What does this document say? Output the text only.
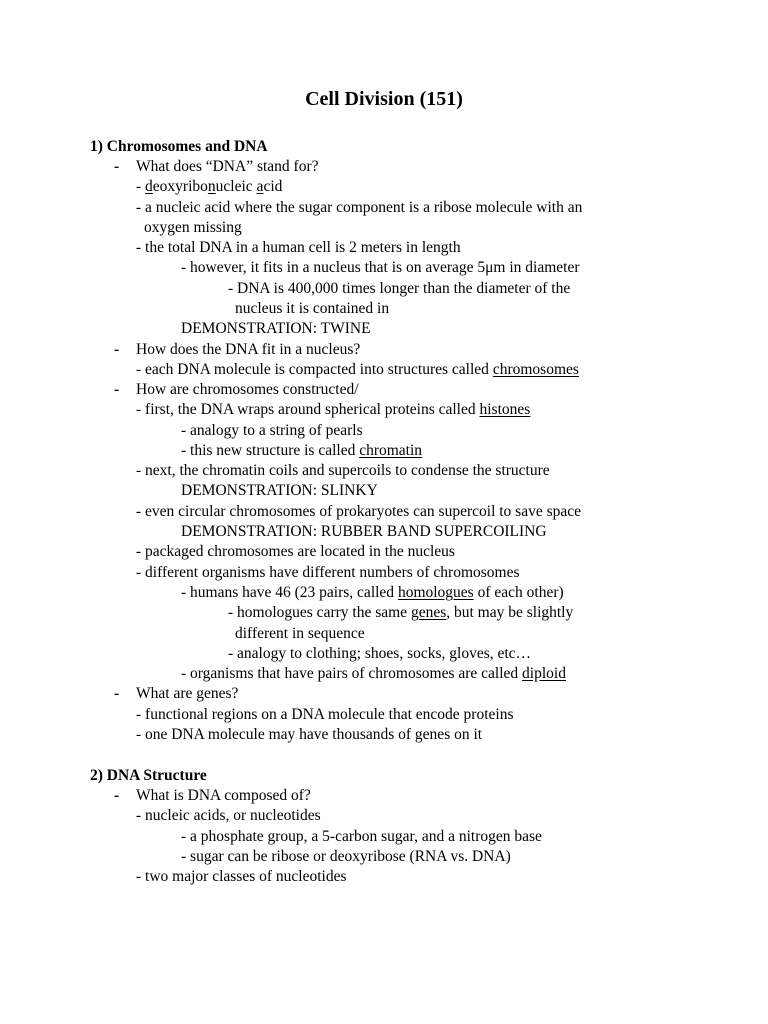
Cell Division (151)
1) Chromosomes and DNA
- What does “DNA” stand for?
- deoxyribonucleic acid
- a nucleic acid where the sugar component is a ribose molecule with an
oxygen missing
- the total DNA in a human cell is 2 meters in length
- however, it fits in a nucleus that is on average 5μm in diameter
- DNA is 400,000 times longer than the diameter of the
nucleus it is contained in
DEMONSTRATION: TWINE
- How does the DNA fit in a nucleus?
- each DNA molecule is compacted into structures called chromosomes
- How are chromosomes constructed/
- first, the DNA wraps around spherical proteins called histones
- analogy to a string of pearls
- this new structure is called chromatin
- next, the chromatin coils and supercoils to condense the structure
DEMONSTRATION: SLINKY
- even circular chromosomes of prokaryotes can supercoil to save space
DEMONSTRATION: RUBBER BAND SUPERCOILING
- packaged chromosomes are located in the nucleus
- different organisms have different numbers of chromosomes
- humans have 46 (23 pairs, called homologues of each other)
- homologues carry the same genes, but may be slightly
different in sequence
- analogy to clothing; shoes, socks, gloves, etc…
- organisms that have pairs of chromosomes are called diploid
- What are genes?
- functional regions on a DNA molecule that encode proteins
- one DNA molecule may have thousands of genes on it
2) DNA Structure
- What is DNA composed of?
- nucleic acids, or nucleotides
- a phosphate group, a 5-carbon sugar, and a nitrogen base
- sugar can be ribose or deoxyribose (RNA vs. DNA)
- two major classes of nucleotides
